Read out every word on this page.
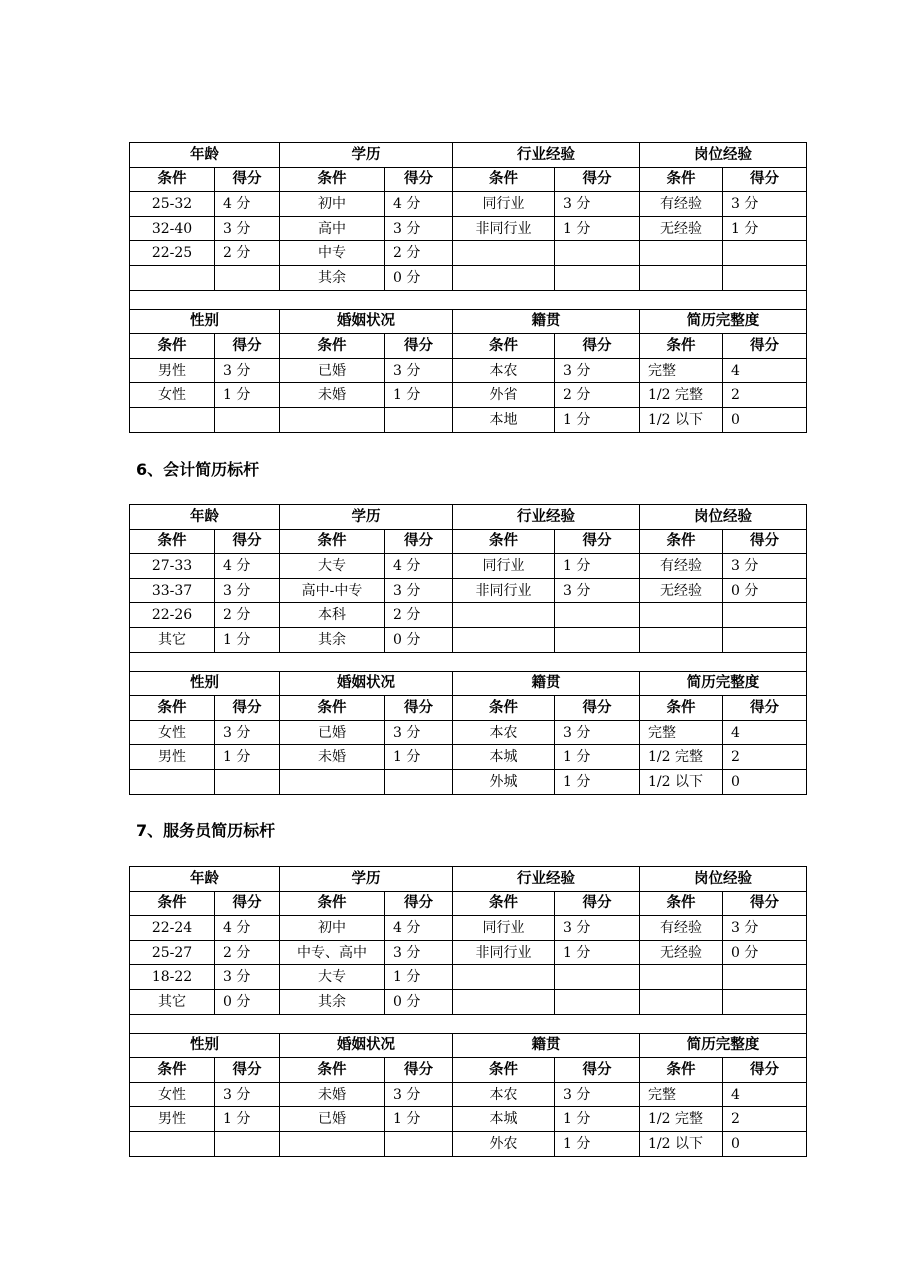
6、会计简历标杆
7、服务员简历标杆
年龄		学历		行业经验		岗位经验	
条件	得分	条件	得分	条件	得分	条件	得分
25-32	4 分	初中	4 分	同行业	3 分	有经验	3 分
32-40	3 分	高中	3 分	非同行业	1 分	无经验	1 分
22-25	2 分	中专	2 分				
		其余	0 分				

性别		婚姻状况		籍贯		简历完整度	
条件	得分	条件	得分	条件	得分	条件	得分
男性	3 分	已婚	3 分	本农	3 分	完整	4
女性	1 分	未婚	1 分	外省	2 分	1/2 完整	2
				本地	1 分	1/2 以下	0
年龄		学历		行业经验		岗位经验	
条件	得分	条件	得分	条件	得分	条件	得分
27-33	4 分	大专	4 分	同行业	1 分	有经验	3 分
33-37	3 分	高中-中专	3 分	非同行业	3 分	无经验	0 分
22-26	2 分	本科	2 分				
其它	1 分	其余	0 分				

性别		婚姻状况		籍贯		简历完整度	
条件	得分	条件	得分	条件	得分	条件	得分
女性	3 分	已婚	3 分	本农	3 分	完整	4
男性	1 分	未婚	1 分	本城	1 分	1/2 完整	2
				外城	1 分	1/2 以下	0
年龄		学历		行业经验		岗位经验	
条件	得分	条件	得分	条件	得分	条件	得分
22-24	4 分	初中	4 分	同行业	3 分	有经验	3 分
25-27	2 分	中专、高中	3 分	非同行业	1 分	无经验	0 分
18-22	3 分	大专	1 分				
其它	0 分	其余	0 分				

性别		婚姻状况		籍贯		简历完整度	
条件	得分	条件	得分	条件	得分	条件	得分
女性	3 分	未婚	3 分	本农	3 分	完整	4
男性	1 分	已婚	1 分	本城	1 分	1/2 完整	2
				外农	1 分	1/2 以下	0
